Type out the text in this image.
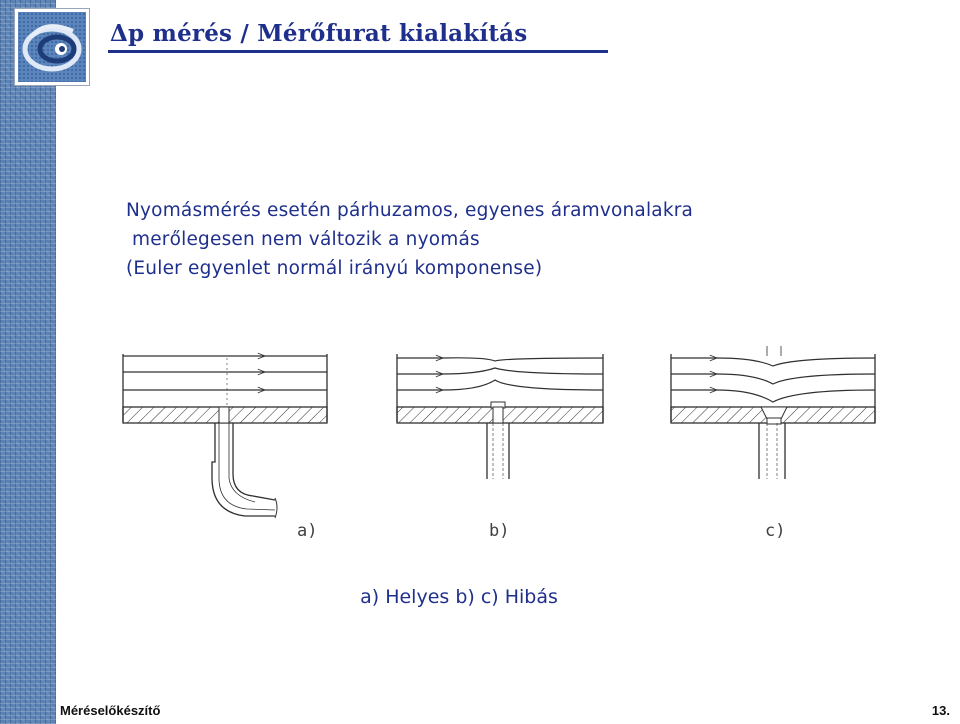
Δp mérés / Mérőfurat kialakítás

Nyomásmérés esetén párhuzamos, egyenes áramvonalakra

merőlegesen nem változik a nyomás

(Euler egyenlet normál irányú komponense)

a)	b)	c)

a) Helyes b) c) Hibás

Méréselőkészítő	13.
